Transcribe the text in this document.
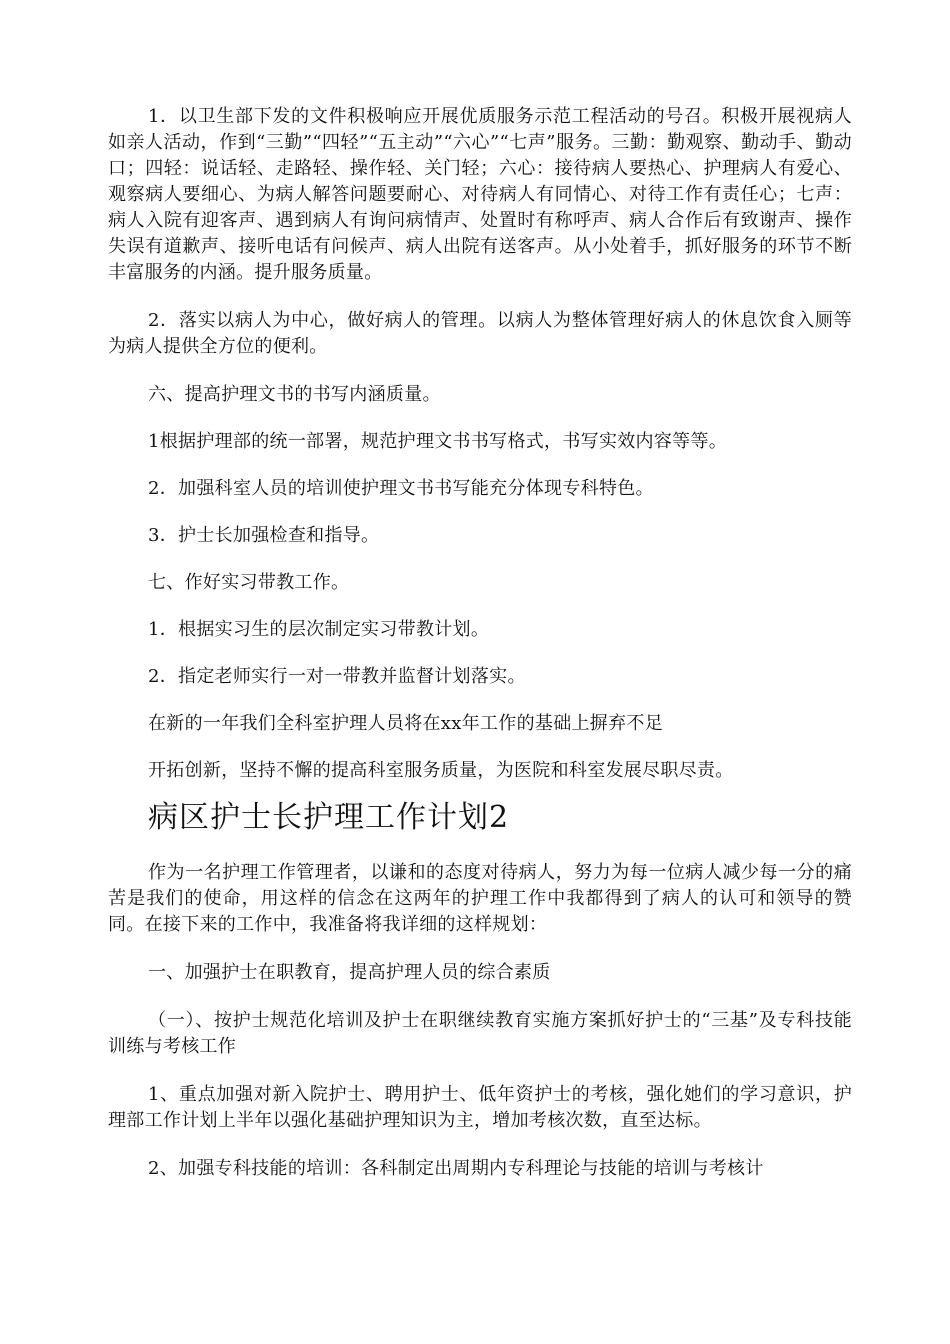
1．以卫生部下发的文件积极响应开展优质服务示范工程活动的号召。积极开展视病人如亲人活动，作到“三勤”“四轻”“五主动”“六心”“七声”服务。三勤：勤观察、勤动手、勤动口；四轻：说话轻、走路轻、操作轻、关门轻；六心：接待病人要热心、护理病人有爱心、观察病人要细心、为病人解答问题要耐心、对待病人有同情心、对待工作有责任心；七声：病人入院有迎客声、遇到病人有询问病情声、处置时有称呼声、病人合作后有致谢声、操作失误有道歉声、接听电话有问候声、病人出院有送客声。从小处着手，抓好服务的环节不断丰富服务的内涵。提升服务质量。

2．落实以病人为中心，做好病人的管理。以病人为整体管理好病人的休息饮食入厕等为病人提供全方位的便利。

六、提高护理文书的书写内涵质量。

1根据护理部的统一部署，规范护理文书书写格式，书写实效内容等等。

2．加强科室人员的培训使护理文书书写能充分体现专科特色。

3．护士长加强检查和指导。

七、作好实习带教工作。

1．根据实习生的层次制定实习带教计划。

2．指定老师实行一对一带教并监督计划落实。

在新的一年我们全科室护理人员将在xx年工作的基础上摒弃不足

开拓创新，坚持不懈的提高科室服务质量，为医院和科室发展尽职尽责。

病区护士长护理工作计划2

作为一名护理工作管理者，以谦和的态度对待病人，努力为每一位病人减少每一分的痛苦是我们的使命，用这样的信念在这两年的护理工作中我都得到了病人的认可和领导的赞同。在接下来的工作中，我准备将我详细的这样规划：

一、加强护士在职教育，提高护理人员的综合素质

（一）、按护士规范化培训及护士在职继续教育实施方案抓好护士的“三基”及专科技能训练与考核工作

1、重点加强对新入院护士、聘用护士、低年资护士的考核，强化她们的学习意识，护理部工作计划上半年以强化基础护理知识为主，增加考核次数，直至达标。

2、加强专科技能的培训：各科制定出周期内专科理论与技能的培训与考核计
